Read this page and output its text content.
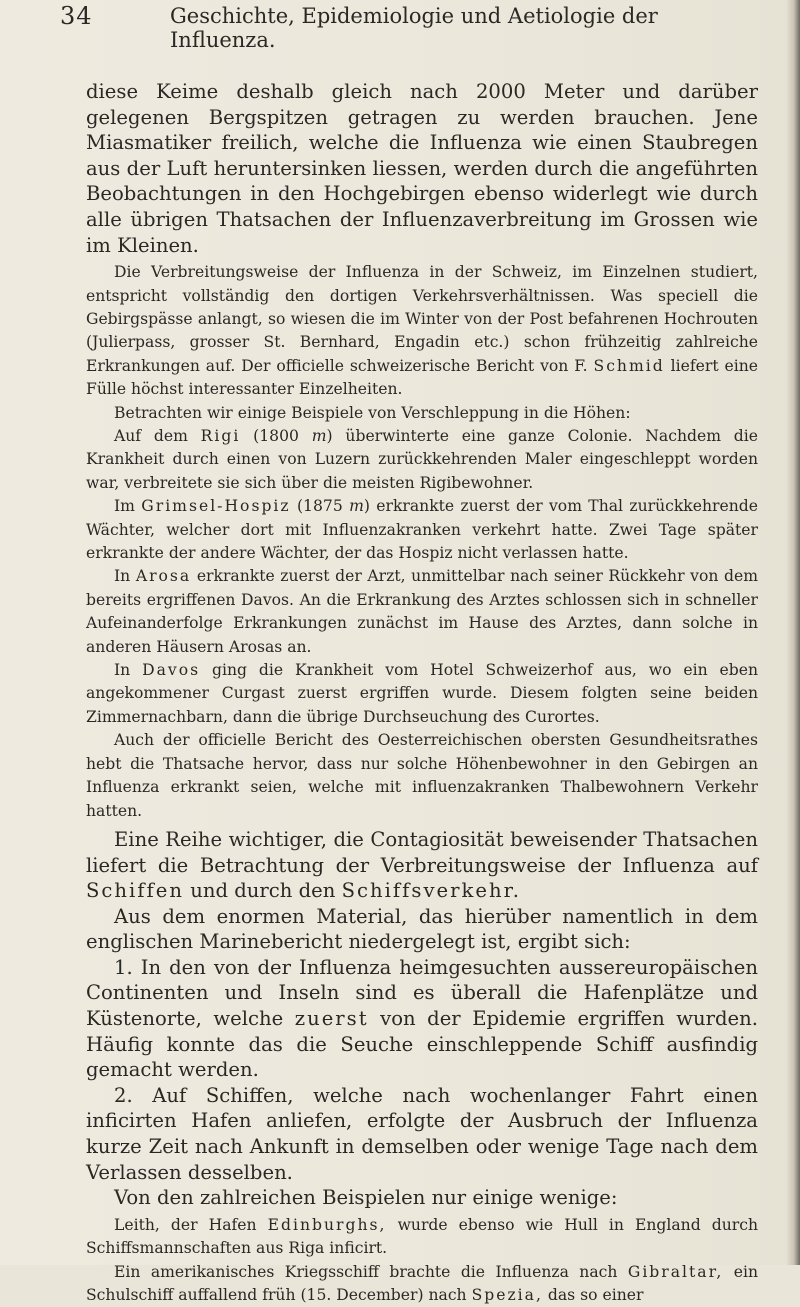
34	Geschichte, Epidemiologie und Aetiologie der Influenza.

diese Keime deshalb gleich nach 2000 Meter und darüber gelegenen Bergspitzen getragen zu werden brauchen. Jene Miasmatiker freilich, welche die Influenza wie einen Staubregen aus der Luft heruntersinken liessen, werden durch die angeführten Beobachtungen in den Hochgebirgen ebenso widerlegt wie durch alle übrigen Thatsachen der Influenzaverbreitung im Grossen wie im Kleinen.

Die Verbreitungsweise der Influenza in der Schweiz, im Einzelnen studiert, entspricht vollständig den dortigen Verkehrsverhältnissen. Was speciell die Gebirgspässe anlangt, so wiesen die im Winter von der Post befahrenen Hochrouten (Julierpass, grosser St. Bernhard, Engadin etc.) schon frühzeitig zahlreiche Erkrankungen auf. Der officielle schweizerische Bericht von F. Schmid liefert eine Fülle höchst interessanter Einzelheiten.

Betrachten wir einige Beispiele von Verschleppung in die Höhen:

Auf dem Rigi (1800 m) überwinterte eine ganze Colonie. Nachdem die Krankheit durch einen von Luzern zurückkehrenden Maler eingeschleppt worden war, verbreitete sie sich über die meisten Rigibewohner.

Im Grimsel-Hospiz (1875 m) erkrankte zuerst der vom Thal zurückkehrende Wächter, welcher dort mit Influenzakranken verkehrt hatte. Zwei Tage später erkrankte der andere Wächter, der das Hospiz nicht verlassen hatte.

In Arosa erkrankte zuerst der Arzt, unmittelbar nach seiner Rückkehr von dem bereits ergriffenen Davos. An die Erkrankung des Arztes schlossen sich in schneller Aufeinanderfolge Erkrankungen zunächst im Hause des Arztes, dann solche in anderen Häusern Arosas an.

In Davos ging die Krankheit vom Hotel Schweizerhof aus, wo ein eben angekommener Curgast zuerst ergriffen wurde. Diesem folgten seine beiden Zimmernachbarn, dann die übrige Durchseuchung des Curortes.

Auch der officielle Bericht des Oesterreichischen obersten Gesundheitsrathes hebt die Thatsache hervor, dass nur solche Höhenbewohner in den Gebirgen an Influenza erkrankt seien, welche mit influenzakranken Thalbewohnern Verkehr hatten.

Eine Reihe wichtiger, die Contagiosität beweisender Thatsachen liefert die Betrachtung der Verbreitungsweise der Influenza auf Schiffen und durch den Schiffsverkehr.

Aus dem enormen Material, das hierüber namentlich in dem englischen Marinebericht niedergelegt ist, ergibt sich:

1. In den von der Influenza heimgesuchten aussereuropäischen Continenten und Inseln sind es überall die Hafenplätze und Küstenorte, welche zuerst von der Epidemie ergriffen wurden. Häufig konnte das die Seuche einschleppende Schiff ausfindig gemacht werden.

2. Auf Schiffen, welche nach wochenlanger Fahrt einen inficirten Hafen anliefen, erfolgte der Ausbruch der Influenza kurze Zeit nach Ankunft in demselben oder wenige Tage nach dem Verlassen desselben.

Von den zahlreichen Beispielen nur einige wenige:

Leith, der Hafen Edinburghs, wurde ebenso wie Hull in England durch Schiffsmannschaften aus Riga inficirt.

Ein amerikanisches Kriegsschiff brachte die Influenza nach Gibraltar, ein Schulschiff auffallend früh (15. December) nach Spezia, das so einer
